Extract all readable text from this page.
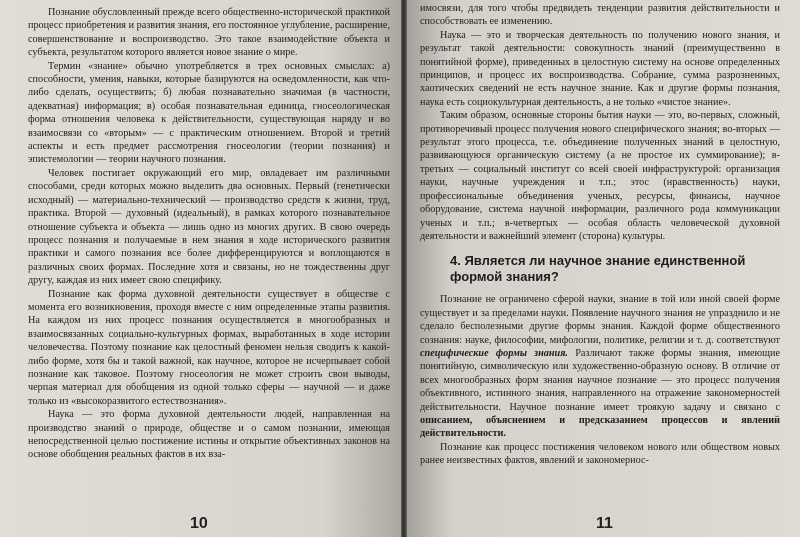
Познание обусловленный прежде всего общественно-исторической практикой процесс приобретения и развития знания, его постоянное углубление, расширение, совершенствование и воспроизводство. Это такое взаимодействие объекта и субъекта, результатом которого является новое знание о мире.

Термин «знание» обычно употребляется в трех основных смыслах: а) способности, умения, навыки, которые базируются на осведомленности, как что-либо сделать, осуществить; б) любая познавательно значимая (в частности, адекватная) информация; в) особая познавательная единица, гносеологическая форма отношения человека к действительности, существующая наряду и во взаимосвязи со «вторым» — с практическим отношением. Второй и третий аспекты и есть предмет рассмотрения гносеологии (теории познания) и эпистемологии — теории научного познания.

Человек постигает окружающий его мир, овладевает им различными способами, среди которых можно выделить два основных. Первый (генетически исходный) — материально-технический — производство средств к жизни, труд, практика. Второй — духовный (идеальный), в рамках которого познавательное отношение субъекта и объекта — лишь одно из многих других. В свою очередь процесс познания и получаемые в нем знания в ходе исторического развития практики и самого познания все более дифференцируются и воплощаются в различных своих формах. Последние хотя и связаны, но не тождественны друг другу, каждая из них имеет свою специфику.

Познание как форма духовной деятельности существует в обществе с момента его возникновения, проходя вместе с ним определенные этапы развития. На каждом из них процесс познания осуществляется в многообразных и взаимосвязанных социально-культурных формах, выработанных в ходе истории человечества. Поэтому познание как целостный феномен нельзя сводить к какой-либо форме, хотя бы и такой важной, как научное, которое не исчерпывает собой познание как таковое. Поэтому гносеология не может строить свои выводы, черпая материал для обобщения из одной только сферы — научной — и даже только из «высокоразвитого естествознания».

Наука — это форма духовной деятельности людей, направленная на производство знаний о природе, обществе и о самом познании, имеющая непосредственной целью постижение истины и открытие объективных законов на основе обобщения реальных фактов в их вза-

10

имосвязи, для того чтобы предвидеть тенденции развития действительности и способствовать ее изменению.

Наука — это и творческая деятельность по получению нового знания, и результат такой деятельности: совокупность знаний (преимущественно в понятийной форме), приведенных в целостную систему на основе определенных принципов, и процесс их воспроизводства. Собрание, сумма разрозненных, хаотических сведений не есть научное знание. Как и другие формы познания, наука есть социокультурная деятельность, а не только «чистое знание».

Таким образом, основные стороны бытия науки — это, во-первых, сложный, противоречивый процесс получения нового специфического знания; во-вторых — результат этого процесса, т.е. объединение полученных знаний в целостную, развивающуюся органическую систему (а не простое их суммирование); в-третьих — социальный институт со всей своей инфраструктурой: организация науки, научные учреждения и т.п.; этос (нравственность) науки, профессиональные объединения ученых, ресурсы, финансы, научное оборудование, система научной информации, различного рода коммуникации ученых и т.п.; в-четвертых — особая область человеческой духовной деятельности и важнейший элемент (сторона) культуры.

4. Является ли научное знание единственной формой знания?

Познание не ограничено сферой науки, знание в той или иной своей форме существует и за пределами науки. Появление научного знания не упразднило и не сделало бесполезными другие формы знания. Каждой форме общественного сознания: науке, философии, мифологии, политике, религии и т. д. соответствуют специфические формы знания. Различают также формы знания, имеющие понятийную, символическую или художественно-образную основу. В отличие от всех многообразных форм знания научное познание — это процесс получения объективного, истинного знания, направленного на отражение закономерностей действительности. Научное познание имеет троякую задачу и связано с описанием, объяснением и предсказанием процессов и явлений действительности.

Познание как процесс постижения человеком нового или обществом новых ранее неизвестных фактов, явлений и закономернос-

11
